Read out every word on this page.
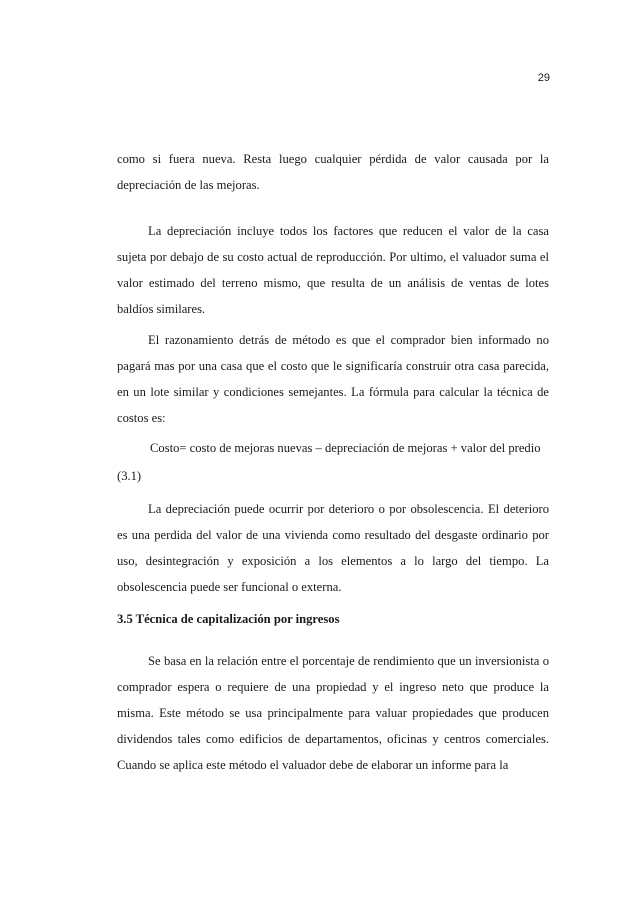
29

como si fuera nueva. Resta luego cualquier pérdida de valor causada por la depreciación de las mejoras.

La depreciación incluye todos los factores que reducen el valor de la casa sujeta por debajo de su costo actual de reproducción. Por ultimo, el valuador suma el valor estimado del terreno mismo, que resulta de un análisis de ventas de lotes baldíos similares.

El razonamiento detrás de método es que el comprador bien informado no pagará mas por una casa que el costo que le significaría construir otra casa parecida, en un lote similar y condiciones semejantes. La fórmula para calcular la técnica de costos es:

Costo= costo de mejoras nuevas – depreciación de mejoras + valor del predio
(3.1)

La depreciación puede ocurrir por deterioro o por obsolescencia. El deterioro es una perdida del valor de una vivienda como resultado del desgaste ordinario por uso, desintegración y exposición a los elementos a lo largo del tiempo. La obsolescencia puede ser funcional o externa.

3.5 Técnica de capitalización por ingresos

Se basa en la relación entre el porcentaje de rendimiento que un inversionista o comprador espera o requiere de una propiedad y el ingreso neto que produce la misma. Este método se usa principalmente para valuar propiedades que producen dividendos tales como edificios de departamentos, oficinas y centros comerciales. Cuando se aplica este método el valuador debe de elaborar un informe para la
